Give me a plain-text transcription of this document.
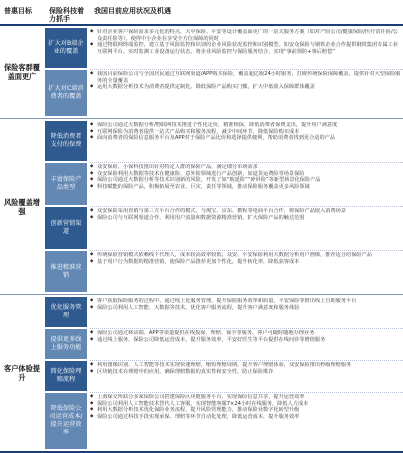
普惠目标 保险科技着力抓手
我国目前应用状况及机遇
保险客群覆盖面更广
风险覆盖增强
客户体验提升
扩大对B端企业的覆盖
扩大对C端消费者的覆盖
降低消费者支付的保费
丰富保险产品类型
创新营销渠道
推进精准营销
优化服务管理
提供更多线上服务功能
简化保险理赔流程
降低保险公司运营成本/提升运营效率

◆ 针对企业客户保险需求多元化的特点，大中保险、平安等设计覆盖面更广的一站式服务方案（如对产险公司/健康保险/医疗责任险/公众责任险等），使得中小企业在享受全方位保障的同时

◆ 通过物联网终端监控，建立基于风险监控和识别的企业风险状况监控和识别模型。如安众保险与钢铁企业合作提供钢铁集团专属工业互联网平台，实时监测工业设备运行状态，将企业风险监控与保险服务结合，实现“事前预防+事后赔偿”

◆ 我国目前保险公司与全国居民通过互联网渠道/APP购买保险，覆盖超亿级24小时服务，打破传统保险保障覆盖，提供针对大型保险服务的全量覆盖

◆ 运用大数据分析技术为消费者提供定制化、降低保险产品购买门槛，扩大中低收入保障群体覆盖

◆ 保险公司通过大数据分析/物联网技术推进个性化定价，精准核保，降低消费者保费支出，提升用户满意度

◆ 互联网保险为消费者提供一站式产品购买和服务流程，减少中间环节，降低保险购买成本

◆ 面向消费者的保险信息服务平台及APP对于保险产品比价和选择提供便利，帮助消费者找到更合适的产品

◆ 众安保险、小保科技推出针对特定人群的保险产品，满足细分市场需求

◆ 众安保险利用大数据等技术在健康险、意外险领域进行产品创新，如退货运费险等场景保险

◆ 保险公司通过大数据分析等技术识别新的风险，开发了如“航延险”“碎屏险”等新型场景化保险产品

◆ 科技赋能的保险产品，积极拓展至农业、巨灾、责任等领域，推动保险服务覆盖更多风险领域

◆ 众安保险采用直销与第三方平台合作的模式，与淘宝、京东、携程等电商平台合作，将保险产品嵌入消费场景

◆ 保险公司与互联网渠道合作，利用用户流量和数据资源精准营销，扩大保险产品的触达范围

◆ 传统保险营销模式依赖线下代理人，成本较高效率较低；众安、平安保险利用大数据分析用户画像，推荐适合的保险产品

◆ 基于用户行为数据的精准营销，使保险产品推荐更加个性化，提升转化率，降低获客成本

◆ 客户获取保险服务的过程中，通过线上化服务管理，提升保险服务效率和质量，平安保险等推出线上自助服务平台

◆ 保险公司利用人工智能、大数据等技术，优化客户服务流程，提升客户满意度和服务体验

◆ 保险公司通过移动端、APP等渠道提供在线投保、理赔、保全等服务，客户可随时随地办理业务

◆ 通过线上服务，保险公司降低运营成本，提升服务效率，平安好医生等平台提供在线问诊等增值服务

◆ 利用图像识别、人工智能等技术实现快速理赔，缩短理赔周期，提升客户理赔体验，众安保险推出秒级理赔服务

◆ 区块链技术在理赔中的应用，确保理赔数据的真实性和安全性，防止保险欺诈

◆ 上海保交所联合多家保险公司搭建保险区块链服务平台，实现保险信息共享，提升运营效率

◆ 保险公司利用人工智能技术替代人工客服，实现智能客服7×24小时在线服务，降低人力成本

◆ 利用大数据分析技术优化保险业务流程，提升风险管理能力，推动保险业数字化转型升级

◆ 保险公司通过科技手段实现承保、理赔等环节自动化处理，降低运营成本，提升服务效率
